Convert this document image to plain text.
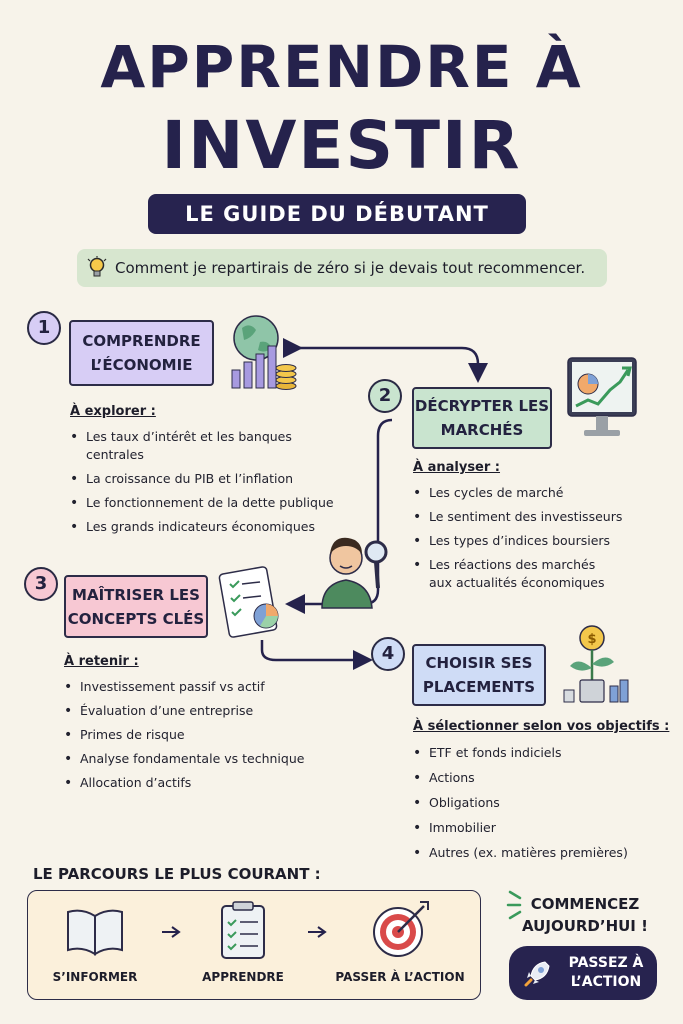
APPRENDRE À
INVESTIR
LE GUIDE DU DÉBUTANT
Comment je repartirais de zéro si je devais tout recommencer.
1
COMPRENDRE
L’ÉCONOMIE
À explorer :
• Les taux d’intérêt et les banques
centrales
• La croissance du PIB et l’inflation
• Le fonctionnement de la dette publique
• Les grands indicateurs économiques
2	DÉCRYPTER LES
MARCHÉS
À analyser :
• Les cycles de marché
• Le sentiment des investisseurs
• Les types d’indices boursiers
• Les réactions des marchés
aux actualités économiques
3
MAÎTRISER LES
CONCEPTS CLÉS
À retenir :
• Investissement passif vs actif
• Évaluation d’une entreprise
• Primes de risque
• Analyse fondamentale vs technique
• Allocation d’actifs
4	CHOISIR SES
PLACEMENTS
$
À sélectionner selon vos objectifs :
• ETF et fonds indiciels
• Actions
• Obligations
• Immobilier
• Autres (ex. matières premières)
LE PARCOURS LE PLUS COURANT :
S’INFORMER	APPRENDRE	PASSER À L’ACTION
COMMENCEZ
AUJOURD’HUI !
PASSEZ À
L’ACTION
